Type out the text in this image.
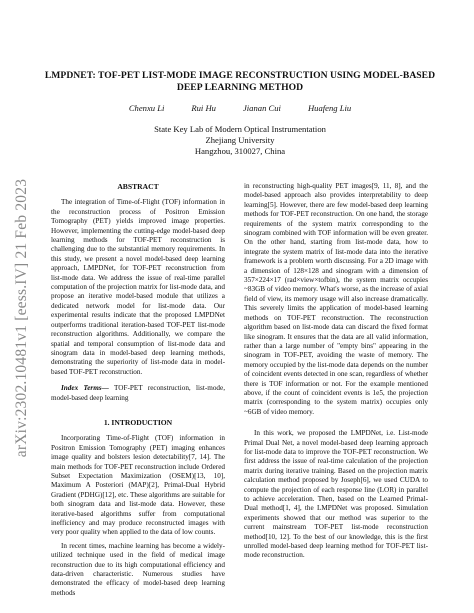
arXiv:2302.10481v1 [eess.IV] 21 Feb 2023
LMPDNET: TOF-PET LIST-MODE IMAGE RECONSTRUCTION USING MODEL-BASED DEEP LEARNING METHOD
Chenxu Li	Rui Hu	Jianan Cui	Huafeng Liu
State Key Lab of Modern Optical Instrumentation
Zhejiang University
Hangzhou, 310027, China
ABSTRACT

The integration of Time-of-Flight (TOF) information in the reconstruction process of Positron Emission Tomography (PET) yields improved image properties. However, implementing the cutting-edge model-based deep learning methods for TOF-PET reconstruction is challenging due to the substantial memory requirements. In this study, we present a novel model-based deep learning approach, LMPDNet, for TOF-PET reconstruction from list-mode data. We address the issue of real-time parallel computation of the projection matrix for list-mode data, and propose an iterative model-based module that utilizes a dedicated network model for list-mode data. Our experimental results indicate that the proposed LMPDNet outperforms traditional iteration-based TOF-PET list-mode reconstruction algorithms. Additionally, we compare the spatial and temporal consumption of list-mode data and sinogram data in model-based deep learning methods, demonstrating the superiority of list-mode data in model-based TOF-PET reconstruction.

Index Terms— TOF-PET reconstruction, list-mode, model-based deep learning

1. INTRODUCTION

Incorporating Time-of-Flight (TOF) information in Positron Emission Tomography (PET) imaging enhances image quality and bolsters lesion detectability[7, 14]. The main methods for TOF-PET reconstruction include Ordered Subset Expectation Maximization (OSEM)[13, 10], Maximum A Posteriori (MAP)[2], Primal-Dual Hybrid Gradient (PDHG)[12], etc. These algorithms are suitable for both sinogram data and list-mode data. However, these iterative-based algorithms suffer from computational inefficiency and may produce reconstructed images with very poor quality when applied to the data of low counts.

In recent times, machine learning has become a widely-utilized technique used in the field of medical image reconstruction due to its high computational efficiency and data-driven characteristic. Numerous studies have demonstrated the efficacy of model-based deep learning methods

in reconstructing high-quality PET images[9, 11, 8], and the model-based approach also provides interpretability to deep learning[5]. However, there are few model-based deep learning methods for TOF-PET reconstruction. On one hand, the storage requirements of the system matrix corresponding to the sinogram combined with TOF information will be even greater. On the other hand, starting from list-mode data, how to integrate the system matrix of list-mode data into the iterative framework is a problem worth discussing. For a 2D image with a dimension of 128×128 and sinogram with a dimension of 357×224×17 (rad×view×tofbin), the system matrix occupies ~83GB of video memory. What's worse, as the increase of axial field of view, its memory usage will also increase dramatically. This severely limits the application of model-based learning methods on TOF-PET reconstruction. The reconstruction algorithm based on list-mode data can discard the fixed format like sinogram. It ensures that the data are all valid information, rather than a large number of "empty bins" appearing in the sinogram in TOF-PET, avoiding the waste of memory. The memory occupied by the list-mode data depends on the number of coincident events detected in one scan, regardless of whether there is TOF information or not. For the example mentioned above, if the count of coincident events is 1e5, the projection matrix (corresponding to the system matrix) occupies only ~6GB of video memory.

In this work, we proposed the LMPDNet, i.e. List-mode Primal Dual Net, a novel model-based deep learning approach for list-mode data to improve the TOF-PET reconstruction. We first address the issue of real-time calculation of the projection matrix during iterative training. Based on the projection matrix calculation method proposed by Joseph[6], we used CUDA to compute the projection of each response line (LOR) in parallel to achieve acceleration. Then, based on the Learned Primal-Dual method[1, 4], the LMPDNet was proposed. Simulation experiments showed that our method was superior to the current mainstream TOF-PET list-mode reconstruction method[10, 12]. To the best of our knowledge, this is the first unrolled model-based deep learning method for TOF-PET list-mode reconstruction.
